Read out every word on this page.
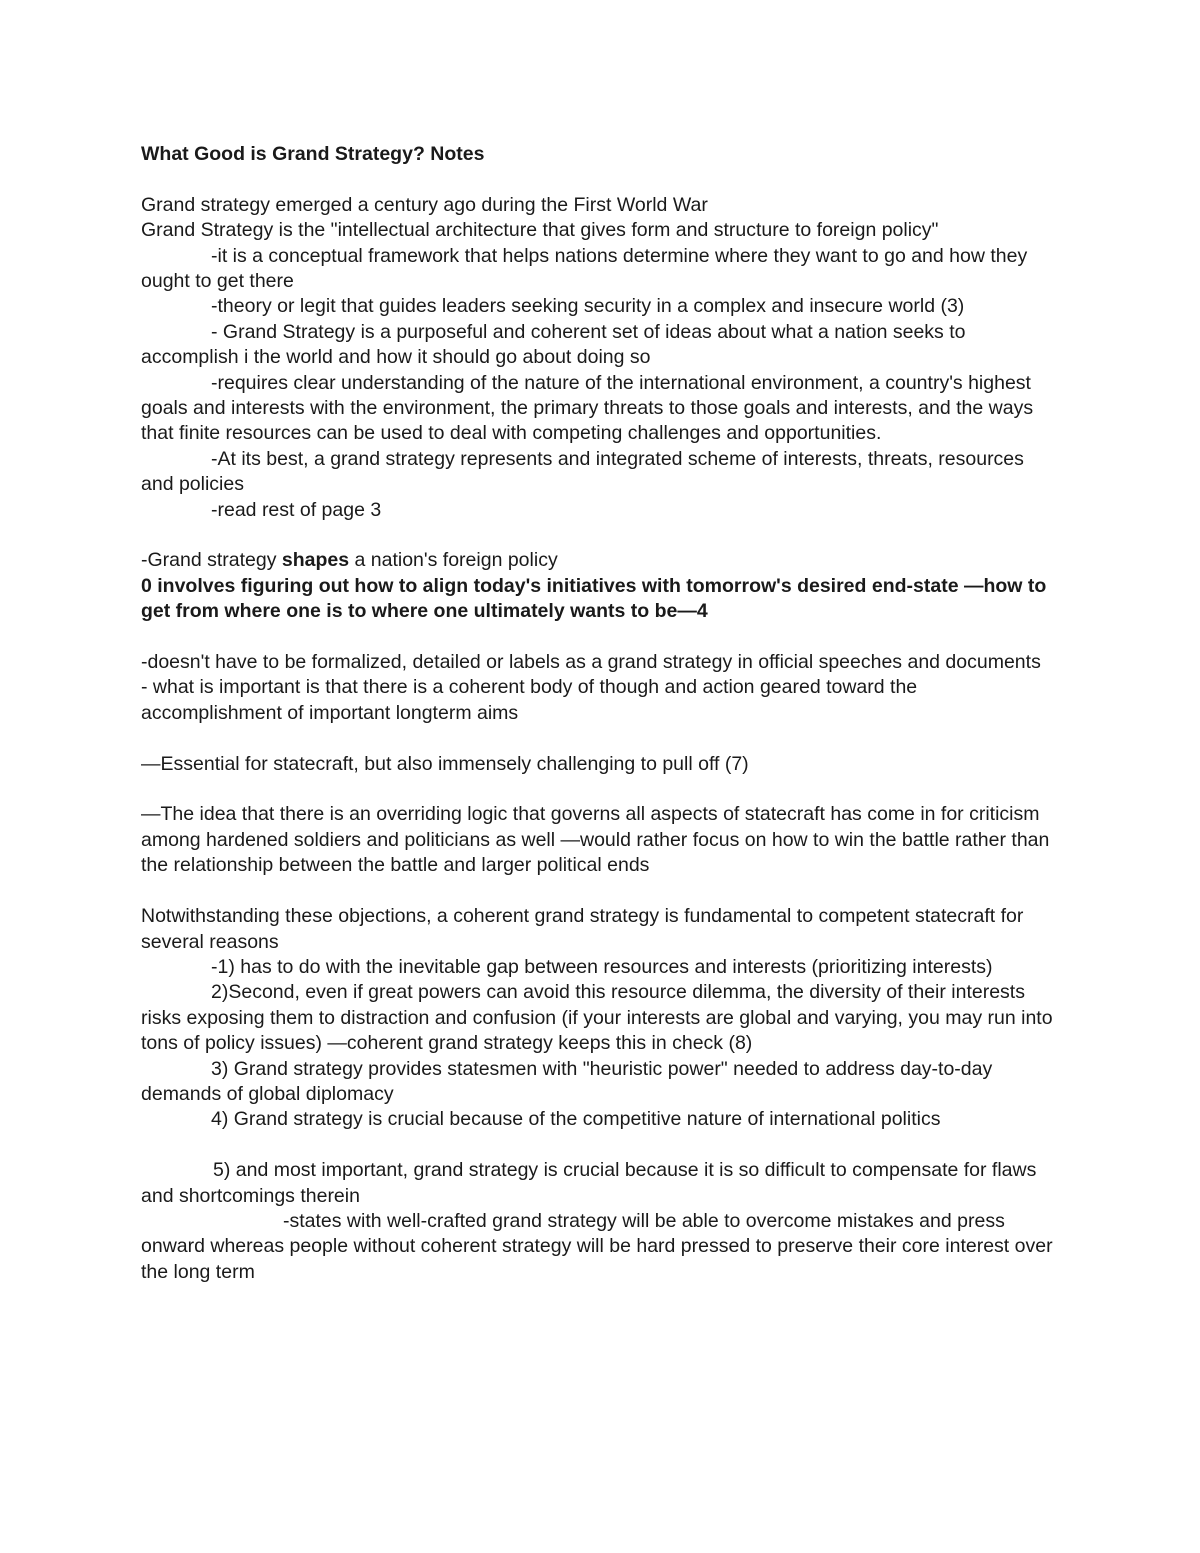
What Good is Grand Strategy? Notes

Grand strategy emerged a century ago during the First World War

Grand Strategy is the "intellectual architecture that gives form and structure to foreign policy"

-it is a conceptual framework that helps nations determine where they want to go and how they ought to get there

-theory or legit that guides leaders seeking security in a complex and insecure world (3)

- Grand Strategy is a purposeful and coherent set of ideas about what a nation seeks to accomplish i the world and how it should go about doing so

-requires clear understanding of the nature of the international environment, a country's highest goals and interests with the environment, the primary threats to those goals and interests, and the ways that finite resources can be used to deal with competing challenges and opportunities.

-At its best, a grand strategy represents and integrated scheme of interests, threats, resources and policies

-read rest of page 3

-Grand strategy shapes a nation's foreign policy

0 involves figuring out how to align today's initiatives with tomorrow's desired end-state —how to get from where one is to where one ultimately wants to be—4

-doesn't have to be formalized, detailed or labels as a grand strategy in official speeches and documents

- what is important is that there is a coherent body of though and action geared toward the accomplishment of important longterm aims

—Essential for statecraft, but also immensely challenging to pull off (7)

—The idea that there is an overriding logic that governs all aspects of statecraft has come in for criticism among hardened soldiers and politicians as well —would rather focus on how to win the battle rather than the relationship between the battle and larger political ends

Notwithstanding these objections, a coherent grand strategy is fundamental to competent statecraft for several reasons

-1) has to do with the inevitable gap between resources and interests (prioritizing interests)

2)Second, even if great powers can avoid this resource dilemma, the diversity of their interests risks exposing them to distraction and confusion (if your interests are global and varying, you may run into tons of policy issues) —coherent grand strategy keeps this in check (8)

3) Grand strategy provides statesmen with "heuristic power" needed to address day-to-day demands of global diplomacy

4) Grand strategy is crucial because of the competitive nature of international politics

5) and most important, grand strategy is crucial because it is so difficult to compensate for flaws and shortcomings therein

-states with well-crafted grand strategy will be able to overcome mistakes and press onward whereas people without coherent strategy will be hard pressed to preserve their core interest over the long term
